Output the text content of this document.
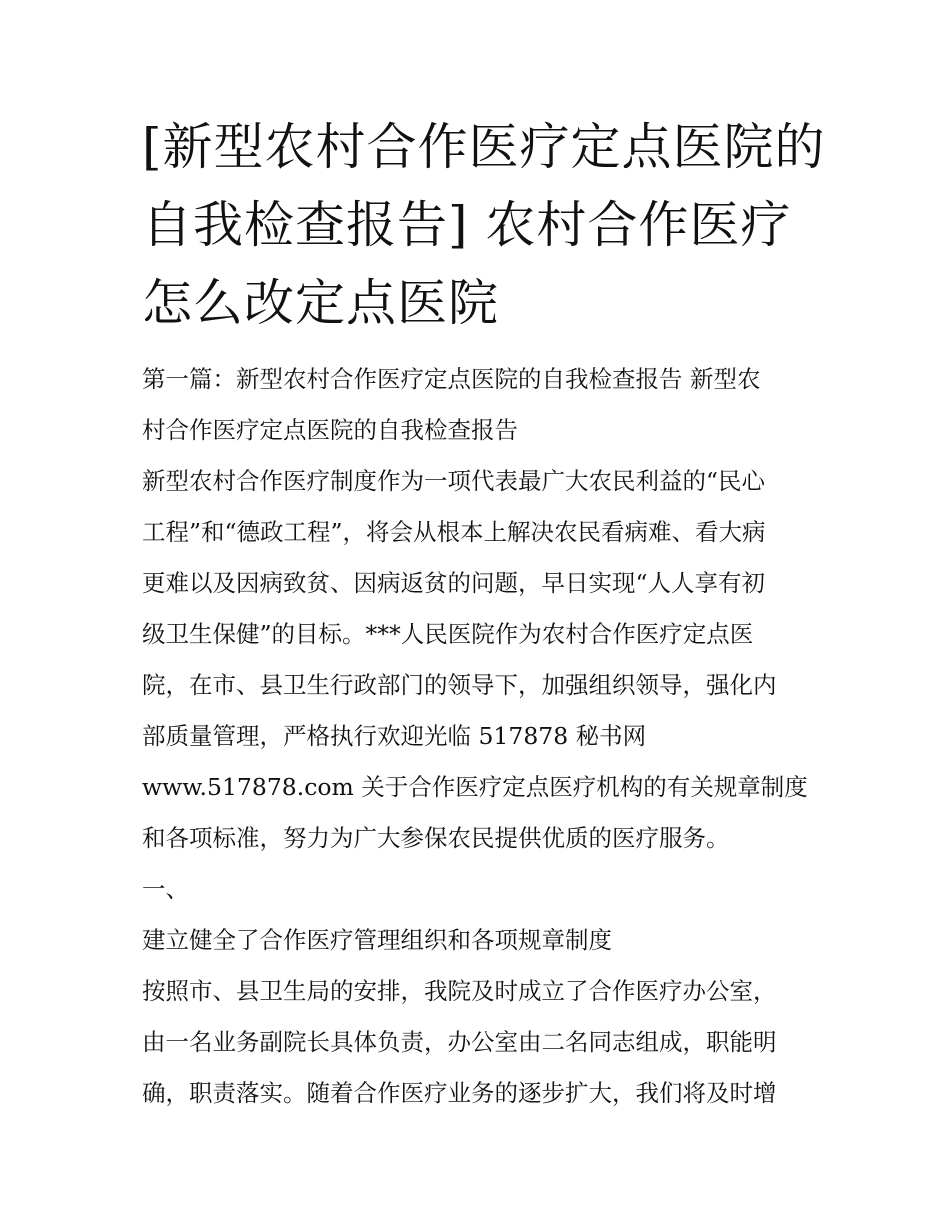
[新型农村合作医疗定点医院的
自我检查报告] 农村合作医疗
怎么改定点医院
第一篇：新型农村合作医疗定点医院的自我检查报告 新型农
村合作医疗定点医院的自我检查报告
新型农村合作医疗制度作为一项代表最广大农民利益的“民心
工程”和“德政工程”，将会从根本上解决农民看病难、看大病
更难以及因病致贫、因病返贫的问题，早日实现“人人享有初
级卫生保健”的目标。***人民医院作为农村合作医疗定点医
院，在市、县卫生行政部门的领导下，加强组织领导，强化内
部质量管理，严格执行欢迎光临 517878 秘书网
www.517878.com 关于合作医疗定点医疗机构的有关规章制度
和各项标准，努力为广大参保农民提供优质的医疗服务。
一、
建立健全了合作医疗管理组织和各项规章制度
按照市、县卫生局的安排，我院及时成立了合作医疗办公室，
由一名业务副院长具体负责，办公室由二名同志组成，职能明
确，职责落实。随着合作医疗业务的逐步扩大，我们将及时增
